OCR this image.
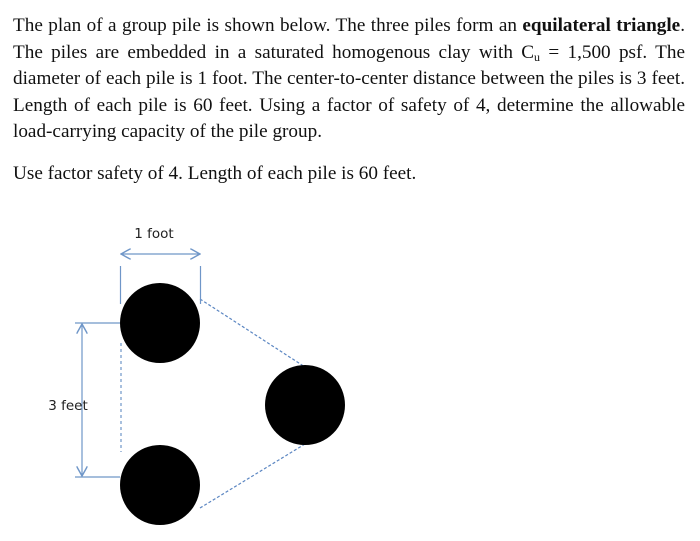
The plan of a group pile is shown below. The three piles form an equilateral triangle. The piles are embedded in a saturated homogenous clay with $C_u = 1,500$ psf. The diameter of each pile is 1 foot. The center-to-center distance between the piles is 3 feet. Length of each pile is 60 feet. Using a factor of safety of 4, determine the allowable load-carrying capacity of the pile group.

Use factor safety of 4. Length of each pile is 60 feet.

1 foot
3 feet
